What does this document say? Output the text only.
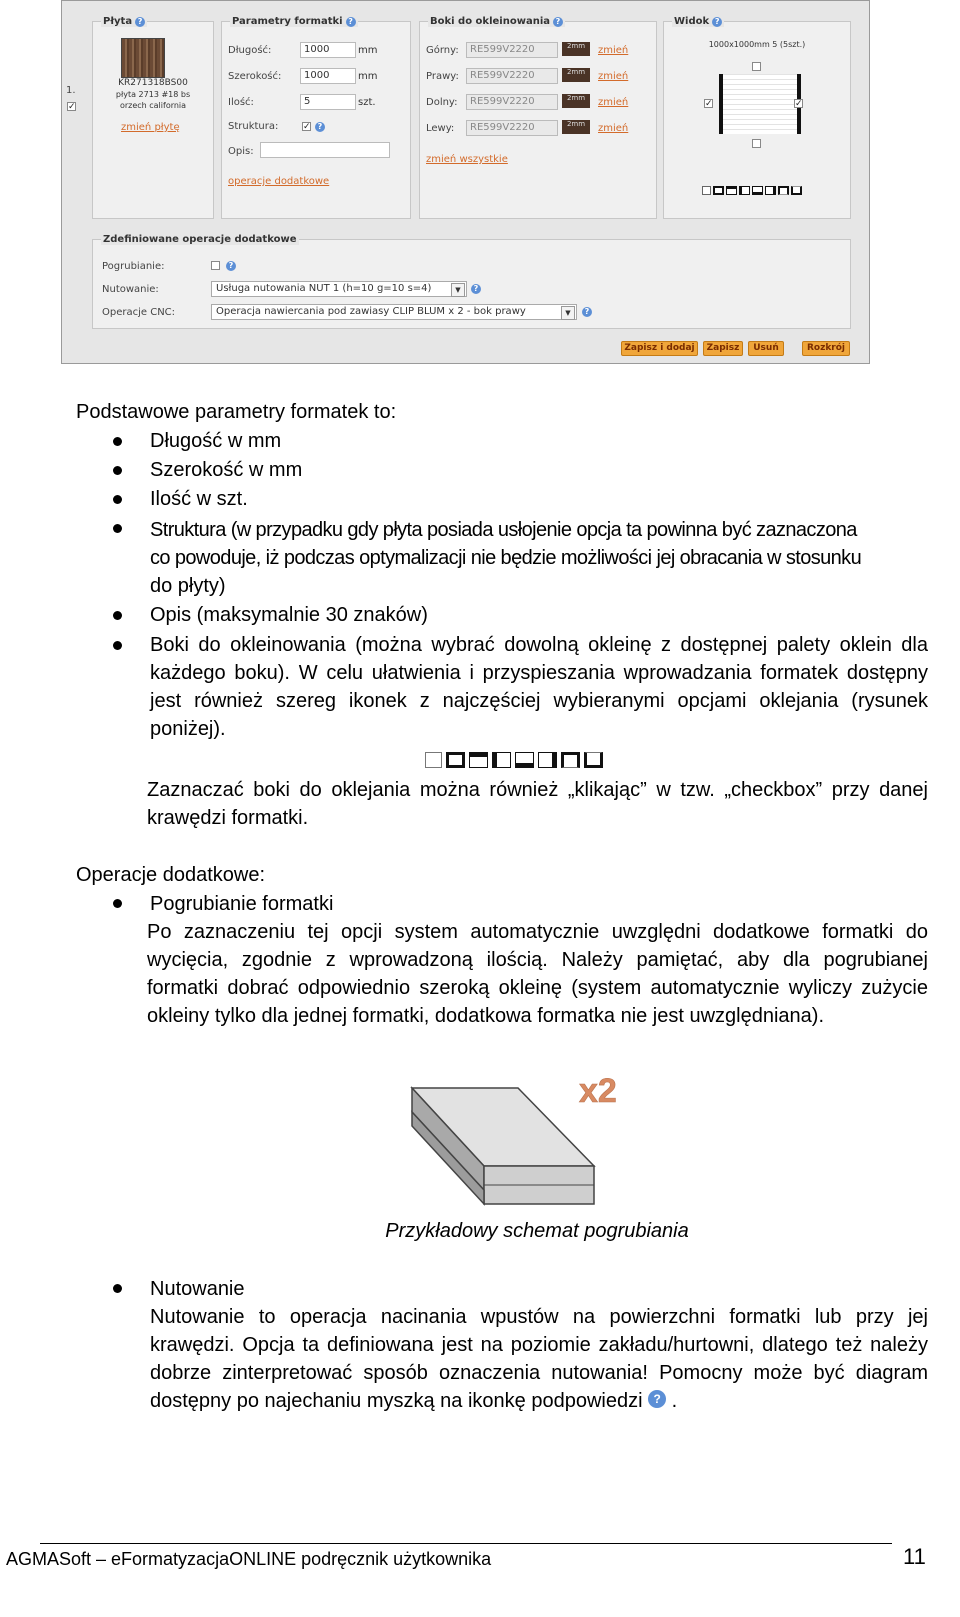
1.
✓
Płyta ?
KR271318BS00
płyta 2713 #18 bs
orzech california
zmień płytę
Parametry formatki ?
Długość:	1000	mm
Szerokość:	1000	mm
Ilość:	5	szt.
Struktura:	✓ ?
Opis:
operacje dodatkowe
Boki do okleinowania ?
Górny:	RE599V2220	2mm	zmień
Prawy:	RE599V2220	2mm	zmień
Dolny:	RE599V2220	2mm	zmień
Lewy:	RE599V2220	2mm	zmień
zmień wszystkie
Widok ?
1000x1000mm 5 (5szt.)
✓	✓
Zdefiniowane operacje dodatkowe
Pogrubianie:	?
Nutowanie:	Usługa nutowania NUT 1 (h=10 g=10 s=4)	▼	?
Operacje CNC:	Operacja nawiercania pod zawiasy CLIP BLUM x 2 - bok prawy	▼	?
Zapisz i dodaj	Zapisz	Usuń	Rozkrój
Podstawowe parametry formatek to:
Długość w mm
Szerokość w mm
Ilość w szt.
Struktura (w przypadku gdy płyta posiada usłojenie opcja ta powinna być zaznaczona
co powoduje, iż podczas optymalizacji nie będzie możliwości jej obracania w stosunku
do płyty)
Opis (maksymalnie 30 znaków)
Boki do okleinowania (można wybrać dowolną okleinę z dostępnej palety oklein dla każdego boku). W celu ułatwienia i przyspieszania wprowadzania formatek dostępny jest również szereg ikonek z najczęściej wybieranymi opcjami oklejania (rysunek poniżej).
Zaznaczać boki do oklejania można również „klikając” w tzw. „checkbox” przy danej krawędzi formatki.
Operacje dodatkowe:
Pogrubianie formatki
Po zaznaczeniu tej opcji system automatycznie uwzględni dodatkowe formatki do wycięcia, zgodnie z wprowadzoną ilością. Należy pamiętać, aby dla pogrubianej formatki dobrać odpowiednio szeroką okleinę (system automatycznie wyliczy zużycie okleiny tylko dla jednej formatki, dodatkowa formatka nie jest uwzględniana).
x2
Przykładowy schemat pogrubiania
Nutowanie
Nutowanie to operacja nacinania wpustów na powierzchni formatki lub przy jej krawędzi. Opcja ta definiowana jest na poziomie zakładu/hurtowni, dlatego też należy dobrze zinterpretować sposób oznaczenia nutowania! Pomocny może być diagram dostępny po najechaniu myszką na ikonkę podpowiedzi ? .
AGMASoft – eFormatyzacjaONLINE podręcznik użytkownika	11
